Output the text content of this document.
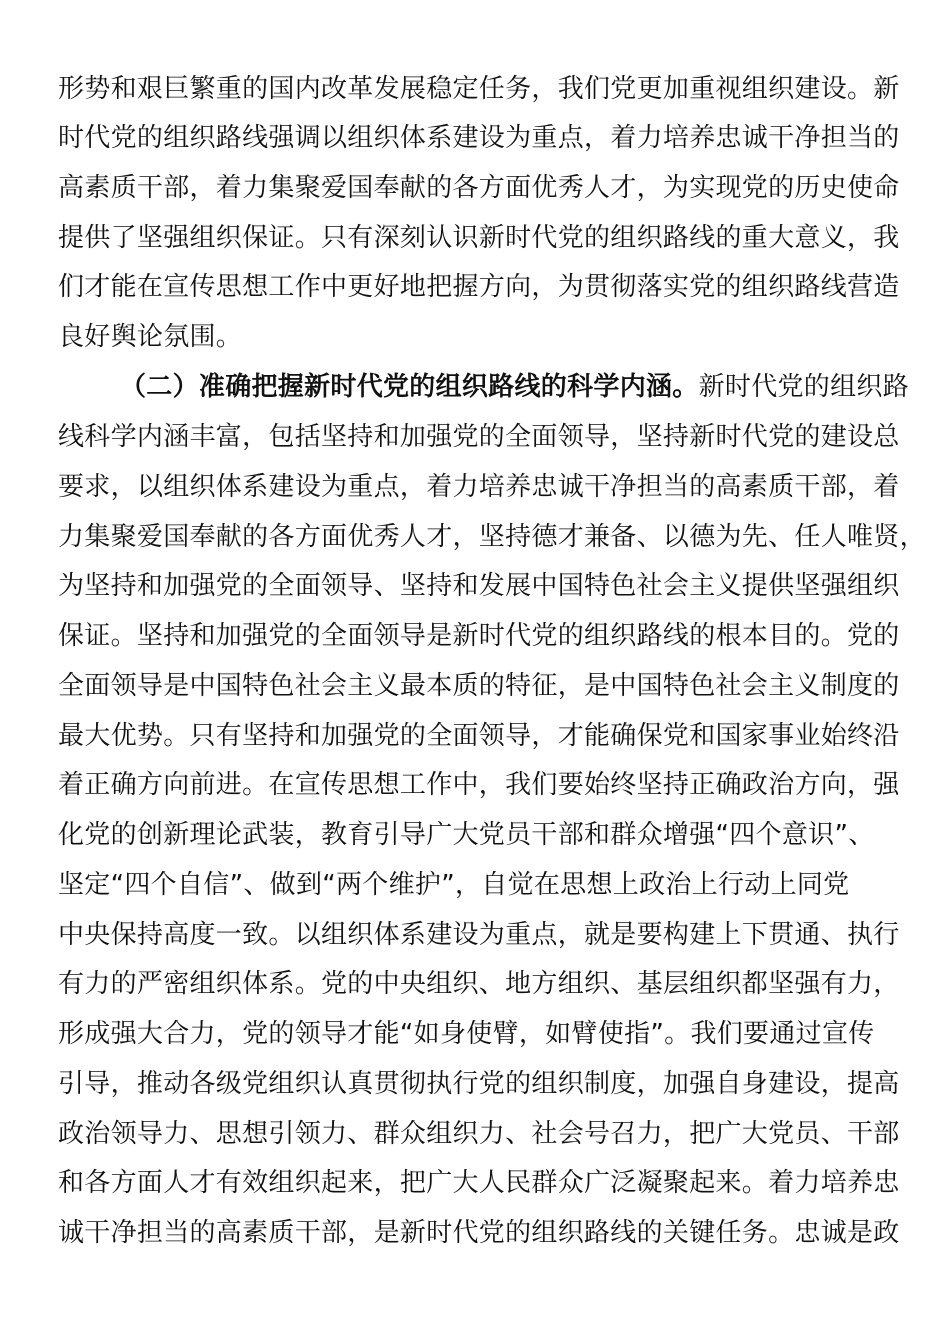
形势和艰巨繁重的国内改革发展稳定任务，我们党更加重视组织建设。新
时代党的组织路线强调以组织体系建设为重点，着力培养忠诚干净担当的
高素质干部，着力集聚爱国奉献的各方面优秀人才，为实现党的历史使命
提供了坚强组织保证。只有深刻认识新时代党的组织路线的重大意义，我
们才能在宣传思想工作中更好地把握方向，为贯彻落实党的组织路线营造
良好舆论氛围。
（二）准确把握新时代党的组织路线的科学内涵。新时代党的组织路
线科学内涵丰富，包括坚持和加强党的全面领导，坚持新时代党的建设总
要求，以组织体系建设为重点，着力培养忠诚干净担当的高素质干部，着
力集聚爱国奉献的各方面优秀人才，坚持德才兼备、以德为先、任人唯贤，
为坚持和加强党的全面领导、坚持和发展中国特色社会主义提供坚强组织
保证。坚持和加强党的全面领导是新时代党的组织路线的根本目的。党的
全面领导是中国特色社会主义最本质的特征，是中国特色社会主义制度的
最大优势。只有坚持和加强党的全面领导，才能确保党和国家事业始终沿
着正确方向前进。在宣传思想工作中，我们要始终坚持正确政治方向，强
化党的创新理论武装，教育引导广大党员干部和群众增强“四个意识”、
坚定“四个自信”、做到“两个维护”，自觉在思想上政治上行动上同党
中央保持高度一致。以组织体系建设为重点，就是要构建上下贯通、执行
有力的严密组织体系。党的中央组织、地方组织、基层组织都坚强有力，
形成强大合力，党的领导才能“如身使臂，如臂使指”。我们要通过宣传
引导，推动各级党组织认真贯彻执行党的组织制度，加强自身建设，提高
政治领导力、思想引领力、群众组织力、社会号召力，把广大党员、干部
和各方面人才有效组织起来，把广大人民群众广泛凝聚起来。着力培养忠
诚干净担当的高素质干部，是新时代党的组织路线的关键任务。忠诚是政
